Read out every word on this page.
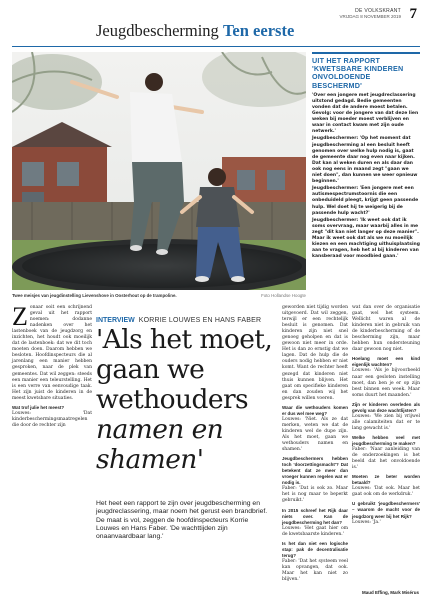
DE VOLKSKRANT
VRIJDAG 8 NOVEMBER 2019 7
Jeugdbescherming Ten eerste
Twee meisjes van jeugdinstelling Lievenshove in Oosterhout op de trampoline.	Foto Hollandse Hoogte
UIT HET RAPPORT 'KWETSBARE KINDEREN ONVOLDOENDE BESCHERMD'

'Over een jongere met jeugdreclassering uitstond gedagd. Bedie gemeenten vonden dat de andere moest betalen. Gevolg: voor de jongere van dat deze lien weken bij moeder moest verblijven en waar in contact kwam met zijn oude netwerk.'

Jeugdbeschermer: 'Op het moment dat jeugdbescherming al een besluit heeft genomen over welke hulp nodig is, gaat de gemeente daar nog even naar kijken. Dat kan al weken duren en als daar dan ook nog eens in maand zegt "gaan we niet doen", dan kunnen we weer opnieuw beginnen.'

Jeugdbeschermer: 'Een jongere met een autismespectrumstoornis die een onbeduideld pleegt, krijgt geen passende hulp. Wel doet hij te weigerig bij de passende hulp wacht?'

Jeugdbeschermer: 'Ik weet ook dat ik soms overvraag, maar waarbij alles in me zegt "dit kan niet langer op deze manier". Maar ik weet ook dat als we nu moeilijk kiezen en een machtiging uithuisplaatsing aan te vragen, heb het al bij kinderen van kansberaad voor moodbied gaan.'

Z onaar ooit een schrijnend geval uit het rapport noemen: dodanne nadenken over het lastenboek van de jeugdzorg en inzichten, het houdt ook moeilijk dat de lastenboek: dat we dit toch moeten doen. Daarom hebben we besloten. Hoofdinspecteurs die al jarenlang een manier hebben gesproken, naar de plek van gemeentes. Dat wil zeggen: steeds een manier een teleurstelling. Het is een verre van eenvoudige taak. Het zijn juist de kinderen in de meest kwetsbare situaties.

Wat trof julie het meest?

Louwes: 'Dat kinderbeschermingsmaatregelen die door de rechter zijn

INTERVIEW KORRIE LOUWES EN HANS FABER
'Als het moet,
gaan we
wethouders
namen en
shamen'
Het heet een rapport te zijn over jeugdbescherming en jeugdreclassering, maar noem het gerust een brandbrief. De maat is vol, zeggen de hoofdinspecteurs Korrie Louwes en Hans Faber. 'De wachttijden zijn onaanvaardbaar lang.'

geworden niet tijdig worden uitgevoerd. Dat wil zeggen, terwijl er een rechtelijk besluit is genomen. Dat kinderen zijn niet snel genoeg geholpen en dat is gewoon niet meer in orde. Het is dan zo ernstig dat we lagen. Dat de hulp die de ouders nodig hebben er niet komt. Want de rechter heeft gezegd dat kinderen niet thuis kunnen blijven. Het gaat om specifieke kinderen en dan zouden wij het gesprek willen voeren.

Waar die wethouders komen er dus wel mee weg?

Louwes: 'Niet. Als ze dat merken, weten we dat de kinderen wel de dupe zijn. Als het moet, gaan we wethouders namen en shamen.'

Jeugdbeschermers hebben toch 'doorzettingsmacht'? Dat betekent dat ze meer dan vroeger kunnen regelen wat er nodig is.

Faber: 'Dat is ook zo. Maar het is nog maar te beperkt gebruikt.'

In 2015 schreef het Rijk daar niets over. Kan de jeugdbescherming het dan?

Louwes: 'Het gaat hier om de kwetsbaarste kinderen.'

Is het dan niet een logische stap: pak de decentralisatie terug?

Faber: 'Dat het systeem veel kan opvangen, dat ook. Maar het kan niet zo blijven.'

wat dan over de organisatie gaat, wel het systeem. Wellicht waren al de kinderen niet in gebruik van de kinderbescherming of de bescherming zijn, maar hebben hun ondersteuning daar gewoon nog niet.

Hoelang moet een kind eigenlijk wachten?

Louwes: 'Als je bijvoorbeeld naar een gesloten instelling moet, dan ben je er op zijn best binnen een week. Maar soms duurt het maanden.'

Zijn er kinderen overleden als gevolg van deze wachtlijsten?

Louwes: 'We zien bij vrijwel alle calamiteiten dat er te lang gewacht is.'

Welke hebben veel met jeugdbescherming te maken?

Faber: 'Naar aanleiding van de onderzoekingen is het beeld dat het onvoldoende is.'

Moeten ze beter worden betaald?

Louwes: 'Dat ook. Maar het gaat ook om de werkdruk.'

U gebruikt 'jeugdbeschermers' – waarom de macht voor de jeugdzorg weer bij het Rijk?

Louwes: 'Ja.'

Maud Effing, Mark Misérus
